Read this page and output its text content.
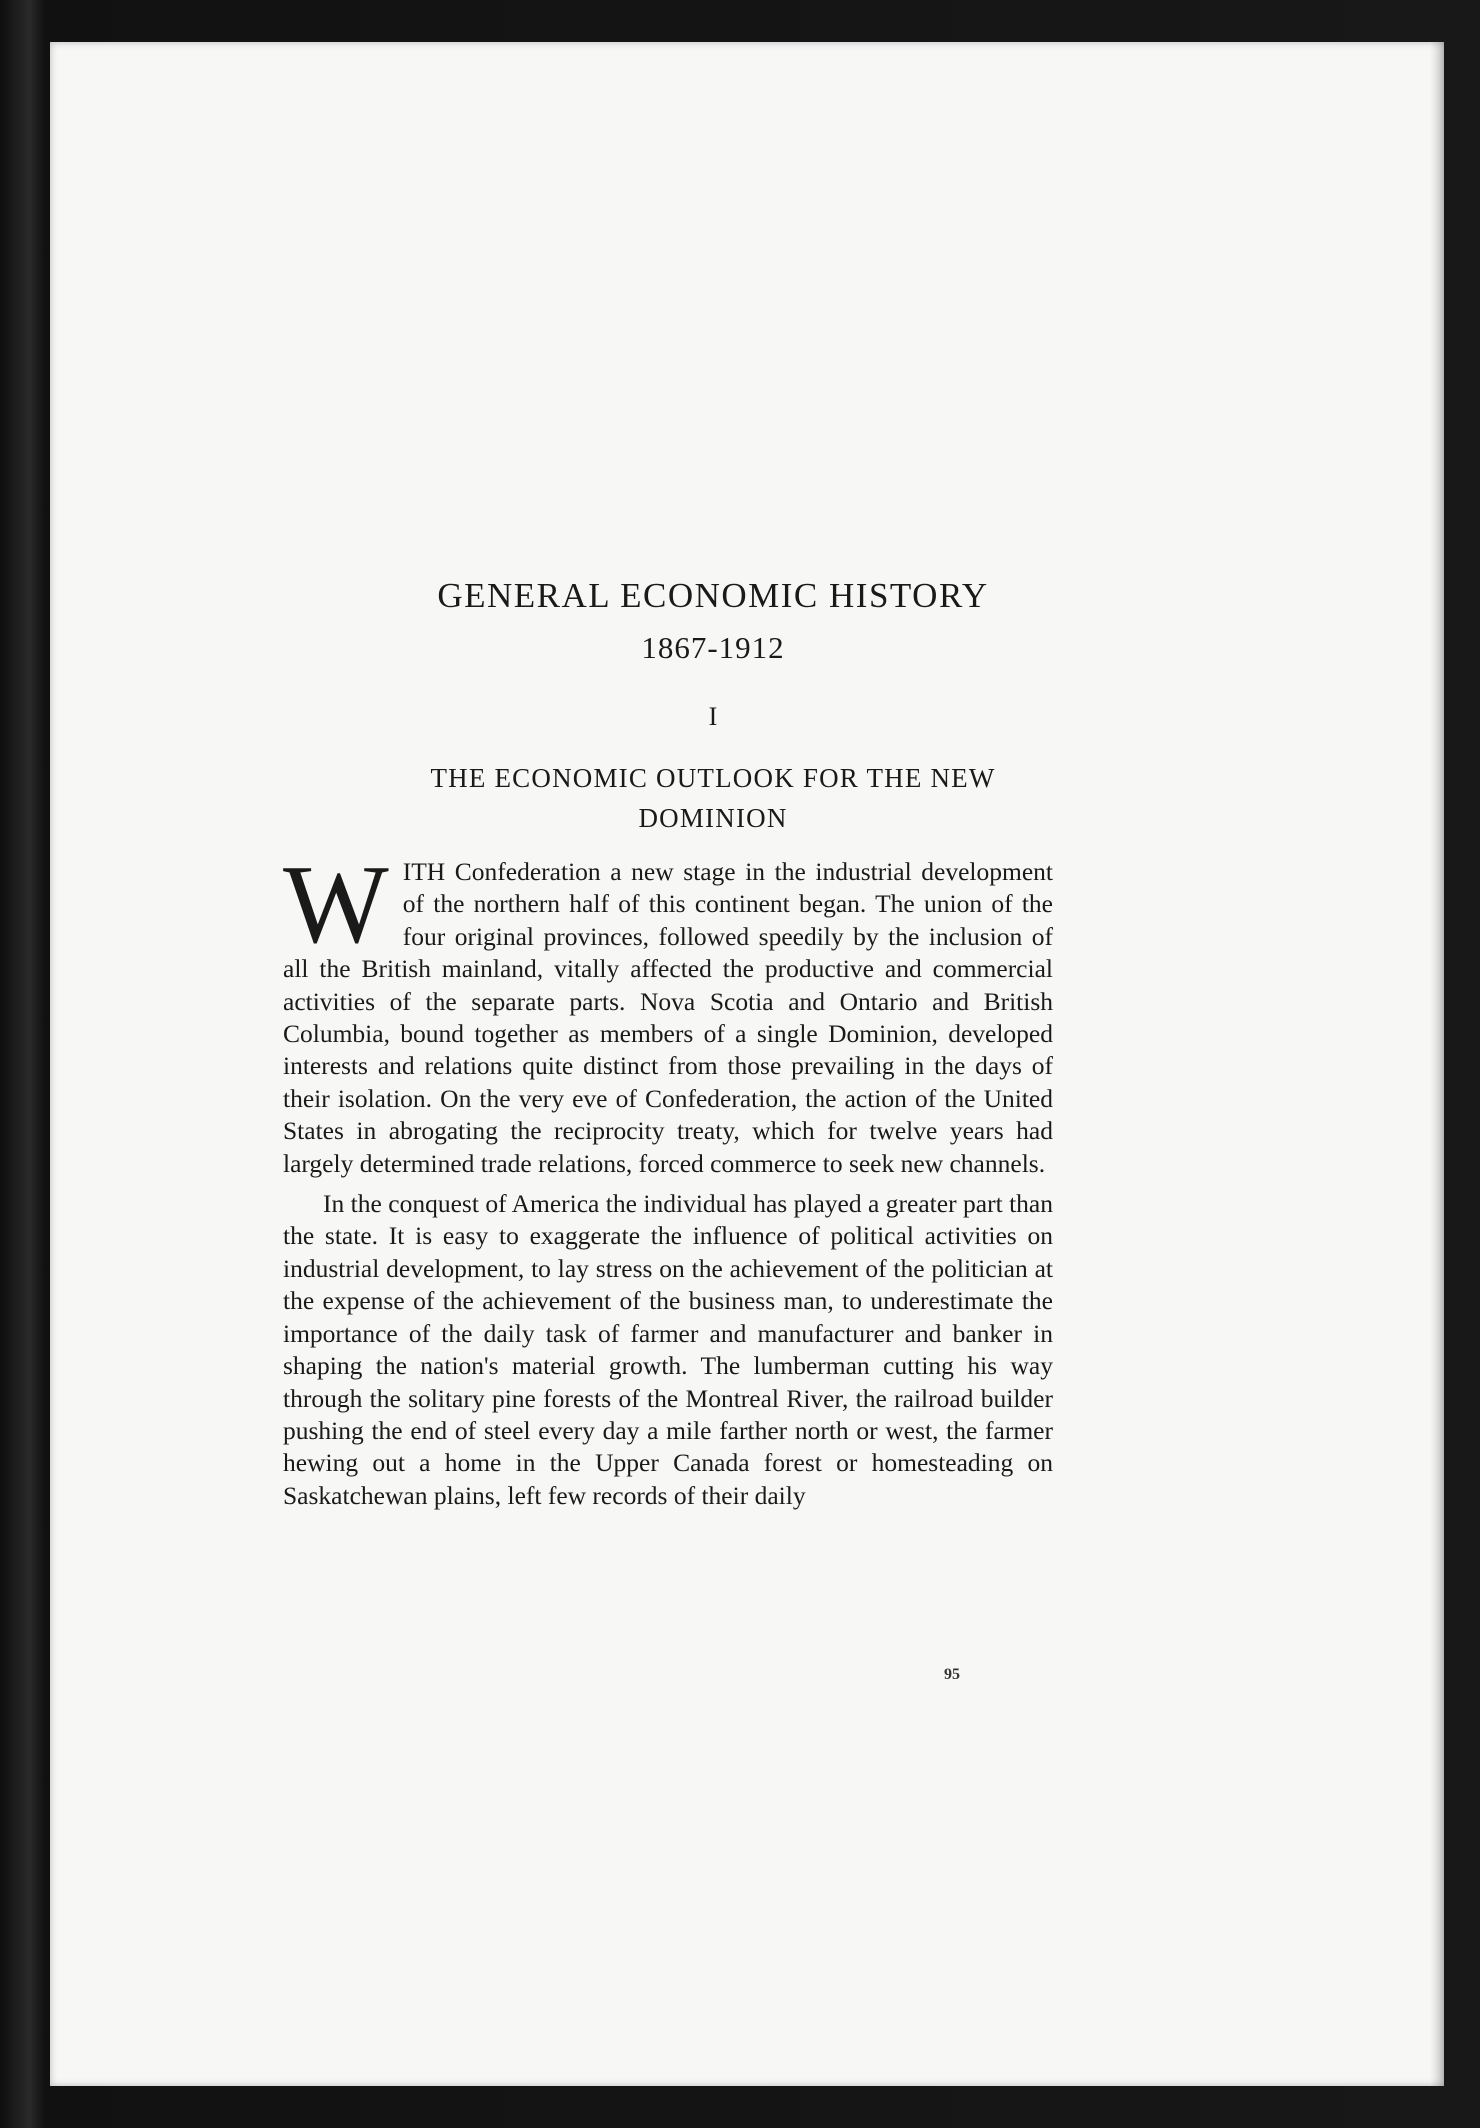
GENERAL ECONOMIC HISTORY
1867-1912
I
THE ECONOMIC OUTLOOK FOR THE NEW DOMINION

WITH Confederation a new stage in the industrial development of the northern half of this continent began. The union of the four original provinces, followed speedily by the inclusion of all the British mainland, vitally affected the productive and commercial activities of the separate parts. Nova Scotia and Ontario and British Columbia, bound together as members of a single Dominion, developed interests and relations quite distinct from those prevailing in the days of their isolation. On the very eve of Confederation, the action of the United States in abrogating the reciprocity treaty, which for twelve years had largely determined trade relations, forced commerce to seek new channels.

In the conquest of America the individual has played a greater part than the state. It is easy to exaggerate the influence of political activities on industrial development, to lay stress on the achievement of the politician at the expense of the achievement of the business man, to underestimate the importance of the daily task of farmer and manufacturer and banker in shaping the nation's material growth. The lumberman cutting his way through the solitary pine forests of the Montreal River, the railroad builder pushing the end of steel every day a mile farther north or west, the farmer hewing out a home in the Upper Canada forest or homesteading on Saskatchewan plains, left few records of their daily

95
